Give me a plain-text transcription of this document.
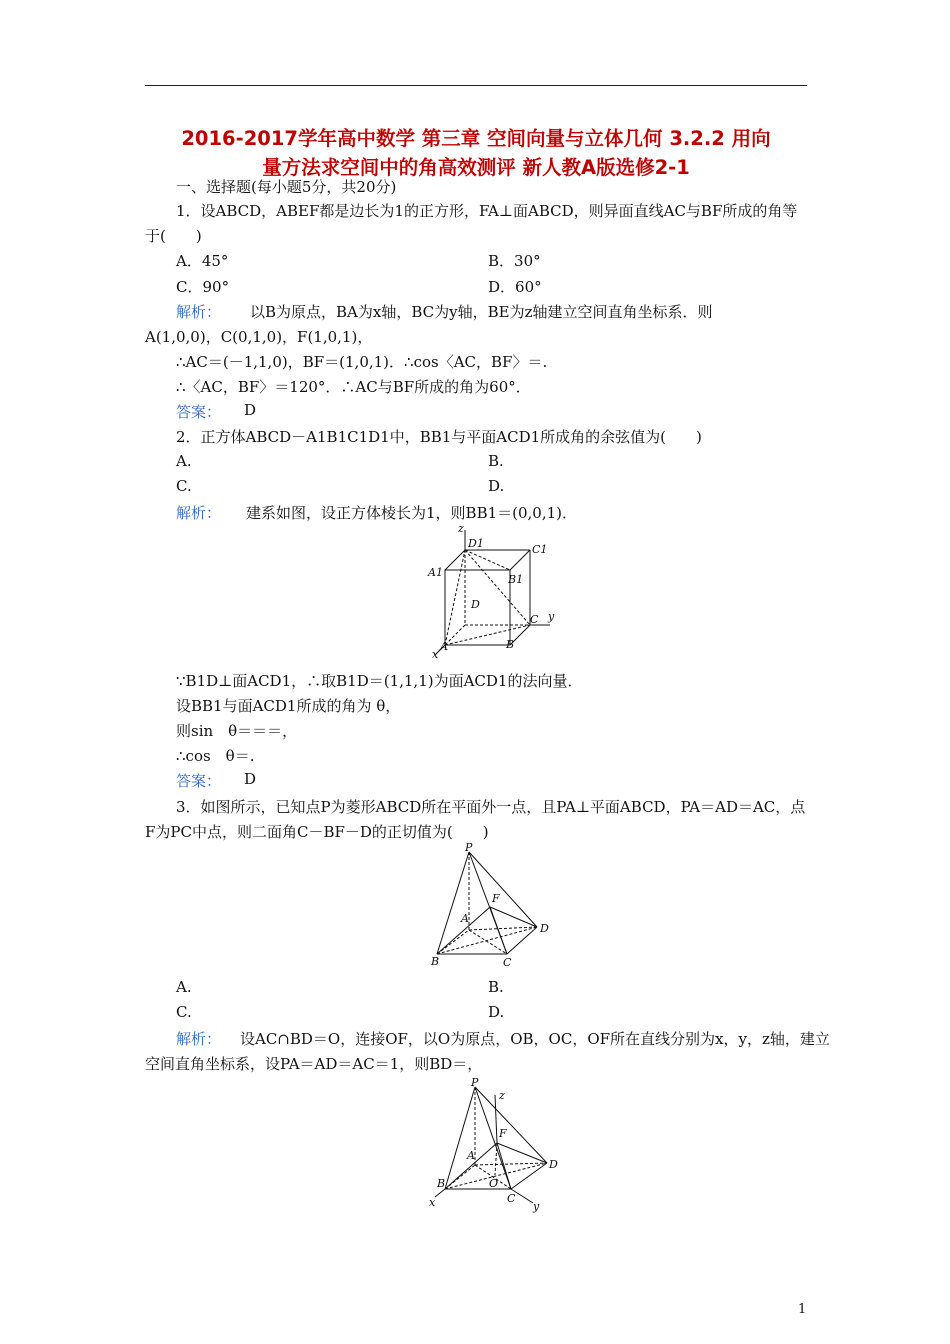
2016-2017学年高中数学 第三章 空间向量与立体几何 3.2.2 用向
量方法求空间中的角高效测评 新人教A版选修2-1
一、选择题(每小题5分，共20分)
1．设ABCD，ABEF都是边长为1的正方形，FA⊥面ABCD，则异面直线AC与BF所成的角等
于(　　)
A．45°	B．30°
C．90°	D．60°
解析： 以B为原点，BA为x轴，BC为y轴，BE为z轴建立空间直角坐标系．则
A(1,0,0)，C(0,1,0)，F(1,0,1)，
∴AC＝(－1,1,0)，BF＝(1,0,1)．∴cos〈AC，BF〉＝.
∴〈AC，BF〉＝120°．∴AC与BF所成的角为60°．
答案： D
2．正方体ABCD－A1B1C1D1中，BB1与平面ACD1所成角的余弦值为(　　)
A.	B.
C.	D.
解析： 建系如图，设正方体棱长为1，则BB1＝(0,0,1)．
z
D1	C1
A1
B1
D
A
C y
B
x
∵B1D⊥面ACD1，∴取B1D＝(1,1,1)为面ACD1的法向量．
设BB1与面ACD1所成的角为 θ，
则sin　θ＝＝＝，
∴cos　θ＝.
答案： D
3．如图所示，已知点P为菱形ABCD所在平面外一点，且PA⊥平面ABCD，PA＝AD＝AC，点
F为PC中点，则二面角C－BF－D的正切值为(　　)
P
F
A
D
B	C
A.	B.
C.	D.
解析： 设AC∩BD＝O，连接OF，以O为原点，OB，OC，OF所在直线分别为x，y，z轴，建立
空间直角坐标系，设PA＝AD＝AC＝1，则BD＝，
P
z
F
A
D
B	O
C
x	y
1
